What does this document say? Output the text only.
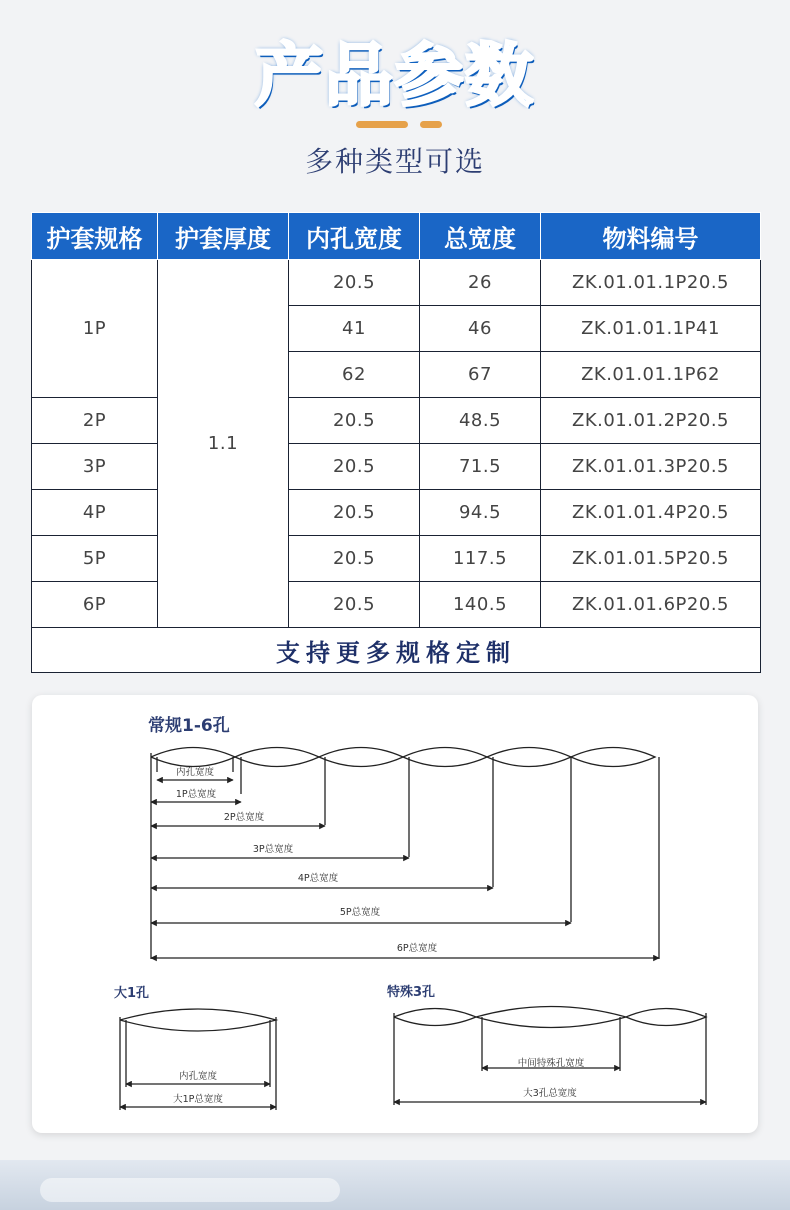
产品参数
多种类型可选
护套规格	护套厚度	内孔宽度	总宽度	物料编号
1P	1.1	20.5	26	ZK.01.01.1P20.5
		41	46	ZK.01.01.1P41
		62	67	ZK.01.01.1P62
2P		20.5	48.5	ZK.01.01.2P20.5
3P		20.5	71.5	ZK.01.01.3P20.5
4P		20.5	94.5	ZK.01.01.4P20.5
5P		20.5	117.5	ZK.01.01.5P20.5
6P		20.5	140.5	ZK.01.01.6P20.5
支持更多规格定制				
常规1-6孔
内孔宽度
1P总宽度
2P总宽度
3P总宽度
4P总宽度
5P总宽度
6P总宽度
大1孔
内孔宽度
大1P总宽度
特殊3孔
中间特殊孔宽度
大3孔总宽度
